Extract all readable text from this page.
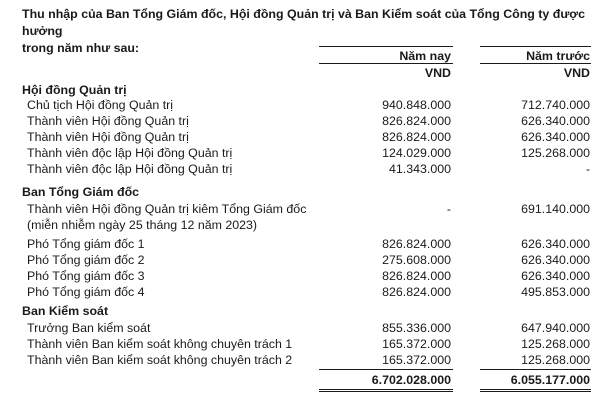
Thu nhập của Ban Tổng Giám đốc, Hội đồng Quản trị và Ban Kiểm soát của Tổng Công ty được hưởng
trong năm như sau:
Năm nay	Năm trước
VND	VND
Hội đồng Quản trị
Chủ tịch Hội đồng Quản trị	940.848.000	712.740.000
Thành viên Hội đồng Quản trị	826.824.000	626.340.000
Thành viên Hội đồng Quản trị	826.824.000	626.340.000
Thành viên độc lập Hội đồng Quản trị	124.029.000	125.268.000
Thành viên độc lập Hội đồng Quản trị	41.343.000	-
Ban Tổng Giám đốc
Thành viên Hội đồng Quản trị kiêm Tổng Giám đốc	-	691.140.000
(miễn nhiễm ngày 25 tháng 12 năm 2023)
Phó Tổng giám đốc 1	826.824.000	626.340.000
Phó Tổng giám đốc 2	275.608.000	626.340.000
Phó Tổng giám đốc 3	826.824.000	626.340.000
Phó Tổng giám đốc 4	826.824.000	495.853.000
Ban Kiểm soát
Trưởng Ban kiểm soát	855.336.000	647.940.000
Thành viên Ban kiểm soát không chuyên trách 1	165.372.000	125.268.000
Thành viên Ban kiểm soát không chuyên trách 2	165.372.000	125.268.000
6.702.028.000	6.055.177.000
